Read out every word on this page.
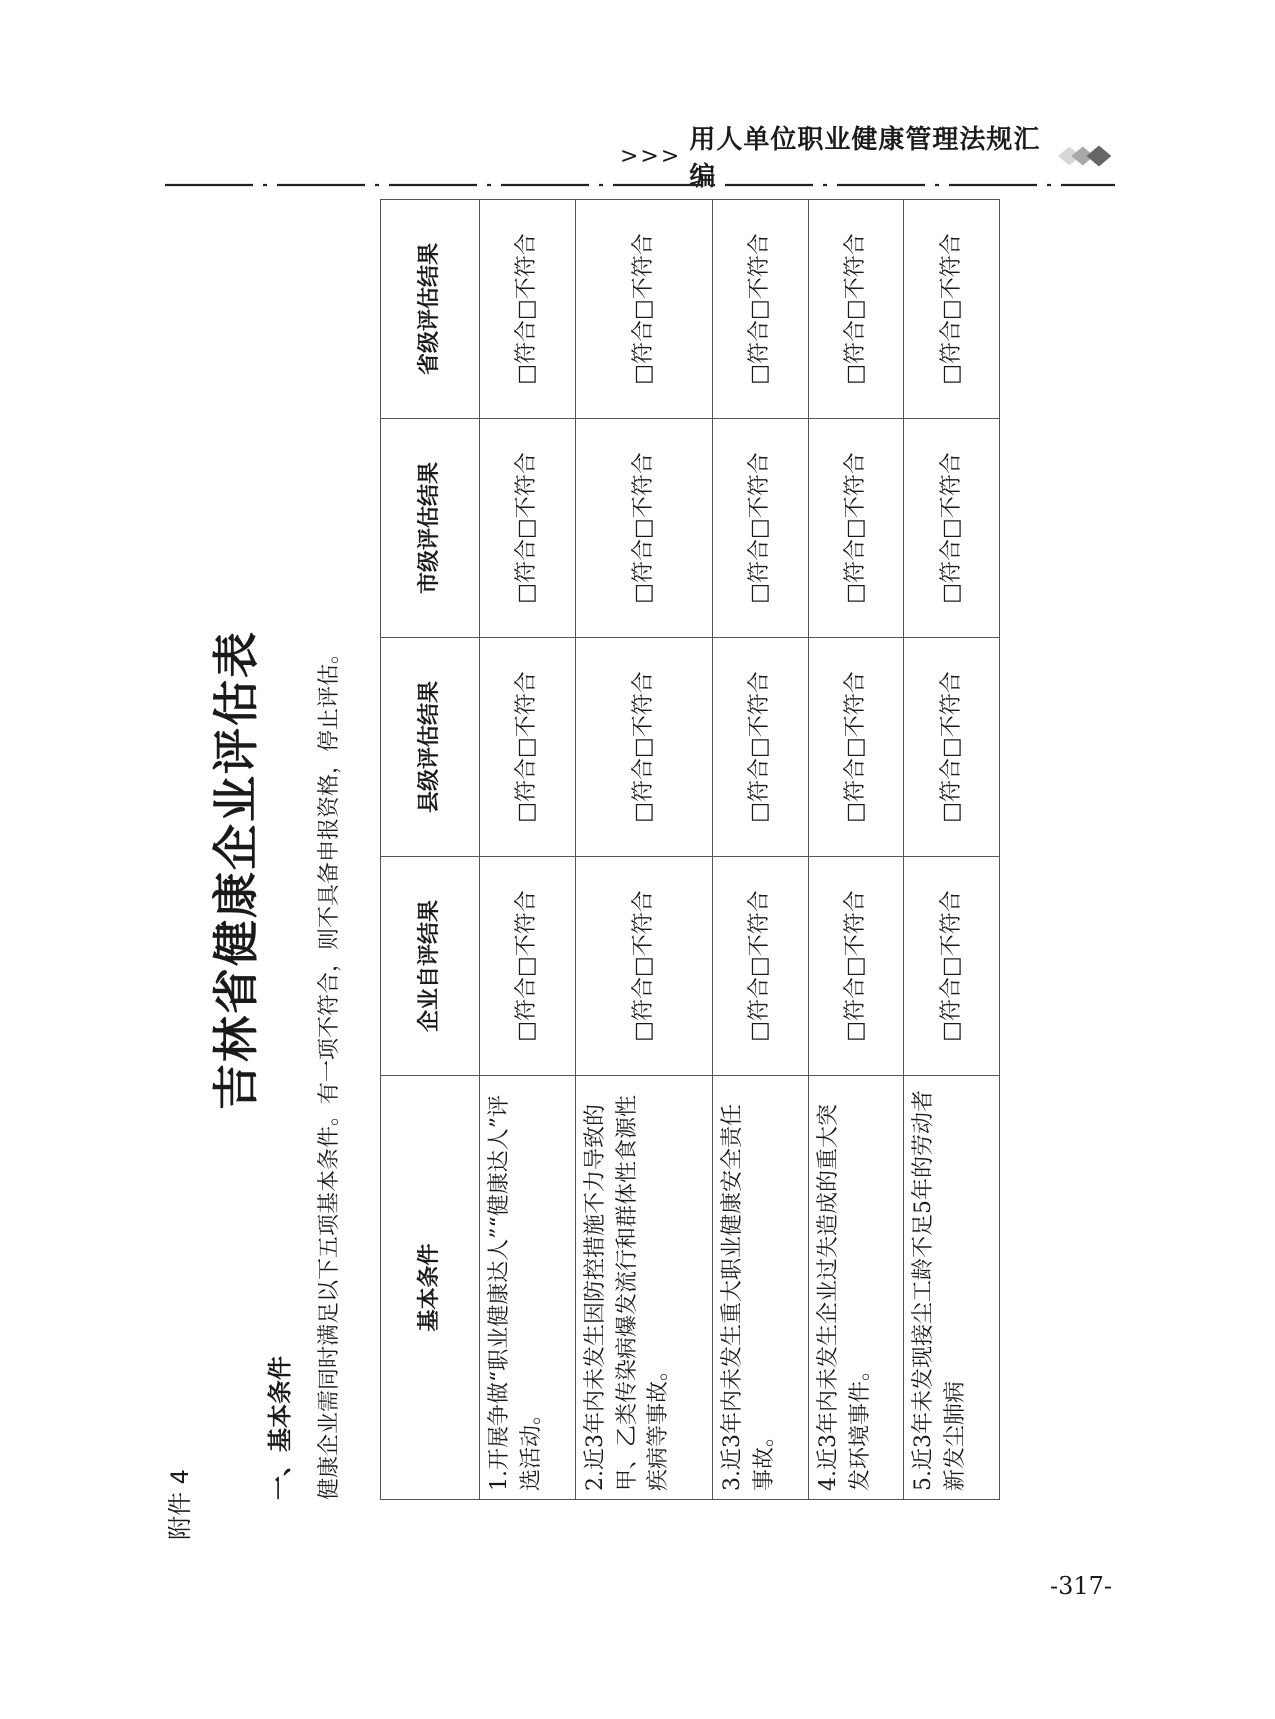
>>>
用人单位职业健康管理法规汇编
附件 4
吉林省健康企业评估表
一、基本条件 健康企业需同时满足以下五项基本条件。有一项不符合，则不具备申报资格，停止评估。	基本条件	企业自评结果	县级评估结果	市级评估结果	省级评估结果
1.开展争做“职业健康达人”“健康达人”评选活动。	□符合□不符合	□符合□不符合	□符合□不符合	□符合□不符合
2.近3年内未发生因防控措施不力导致的甲、乙类传染病爆发流行和群体性食源性疾病等事故。	□符合□不符合	□符合□不符合	□符合□不符合	□符合□不符合
3.近3年内未发生重大职业健康安全责任事故。	□符合□不符合	□符合□不符合	□符合□不符合	□符合□不符合
4.近3年内未发生企业过失造成的重大突发环境事件。	□符合□不符合	□符合□不符合	□符合□不符合	□符合□不符合
5.近3年未发现接尘工龄不足5年的劳动者新发尘肺病	□符合□不符合	□符合□不符合	□符合□不符合	□符合□不符合
-317-
